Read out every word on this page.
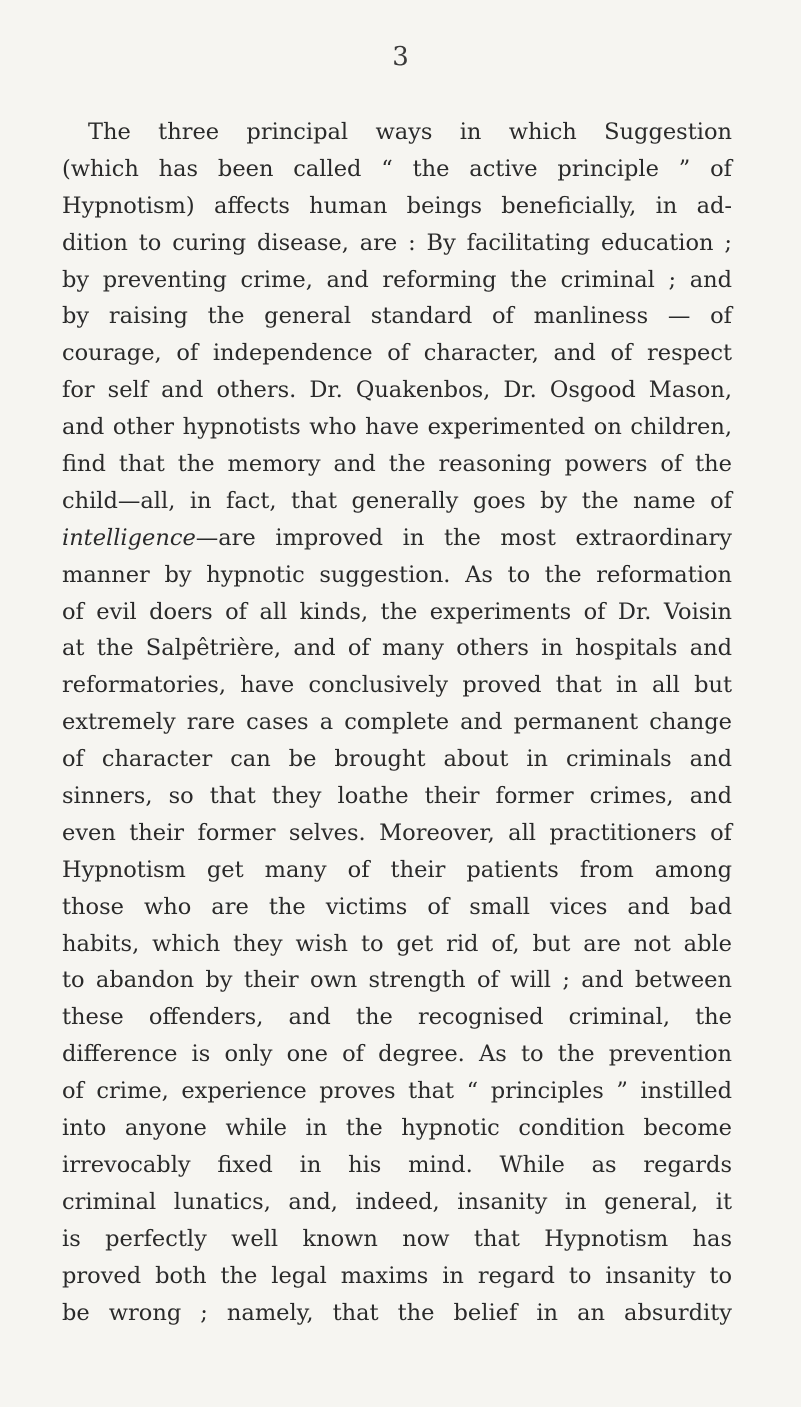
3
The three principal ways in which Suggestion
(which has been called “ the active principle ” of
Hypnotism) affects human beings beneficially, in ad-
dition to curing disease, are : By facilitating education ;
by preventing crime, and reforming the criminal ; and
by raising the general standard of manliness — of
courage, of independence of character, and of respect
for self and others. Dr. Quakenbos, Dr. Osgood Mason,
and other hypnotists who have experimented on children,
find that the memory and the reasoning powers of the
child—all, in fact, that generally goes by the name of
intelligence—are improved in the most extraordinary
manner by hypnotic suggestion. As to the reformation
of evil doers of all kinds, the experiments of Dr. Voisin
at the Salpêtrière, and of many others in hospitals and
reformatories, have conclusively proved that in all but
extremely rare cases a complete and permanent change
of character can be brought about in criminals and
sinners, so that they loathe their former crimes, and
even their former selves. Moreover, all practitioners of
Hypnotism get many of their patients from among
those who are the victims of small vices and bad
habits, which they wish to get rid of, but are not able
to abandon by their own strength of will ; and between
these offenders, and the recognised criminal, the
difference is only one of degree. As to the prevention
of crime, experience proves that “ principles ” instilled
into anyone while in the hypnotic condition become
irrevocably fixed in his mind. While as regards
criminal lunatics, and, indeed, insanity in general, it
is perfectly well known now that Hypnotism has
proved both the legal maxims in regard to insanity to
be wrong ; namely, that the belief in an absurdity
